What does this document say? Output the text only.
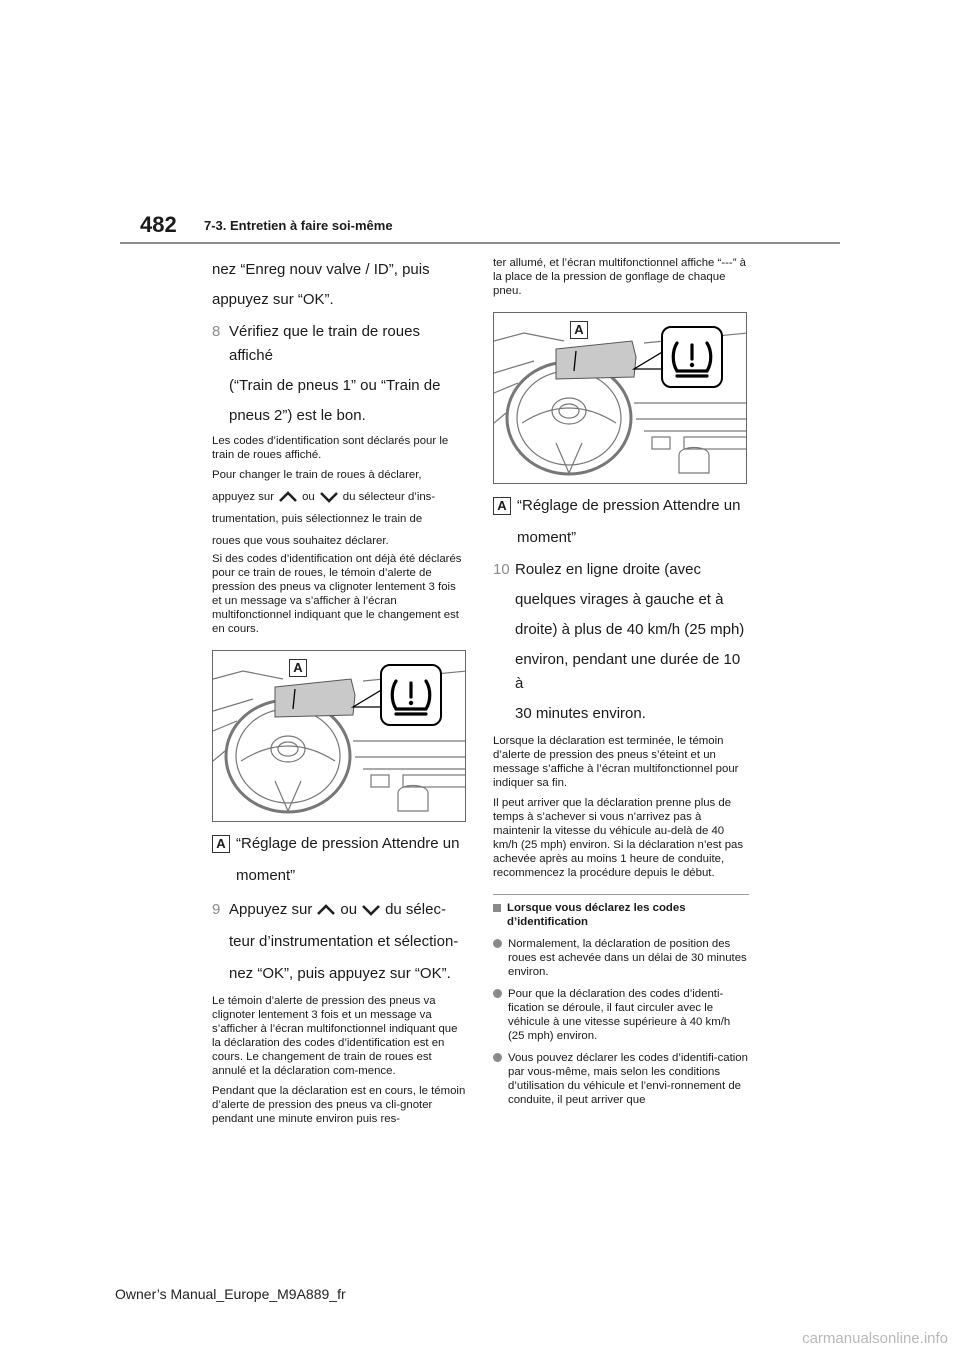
482 7-3. Entretien à faire soi-même

nez “Enreg nouv valve / ID”, puis

appuyez sur “OK”.

8 Vérifiez que le train de roues affiché

(“Train de pneus 1” ou “Train de

pneus 2”) est le bon.

Les codes d’identification sont déclarés pour le train de roues affiché.

Pour changer le train de roues à déclarer,

appuyez sur ou du sélecteur d’ins-

trumentation, puis sélectionnez le train de

roues que vous souhaitez déclarer.

Si des codes d’identification ont déjà été déclarés pour ce train de roues, le témoin d’alerte de pression des pneus va clignoter lentement 3 fois et un message va s’afficher à l’écran multifonctionnel indiquant que le changement est en cours.

A
A “Réglage de pression Attendre un

moment”

9 Appuyez sur ou du sélec-

teur d’instrumentation et sélection-

nez “OK”, puis appuyez sur “OK”.

Le témoin d’alerte de pression des pneus va clignoter lentement 3 fois et un message va s’afficher à l’écran multifonctionnel indiquant que la déclaration des codes d’identification est en cours. Le changement de train de roues est annulé et la déclaration com-mence.

Pendant que la déclaration est en cours, le témoin d’alerte de pression des pneus va cli-gnoter pendant une minute environ puis res-

ter allumé, et l’écran multifonctionnel affiche “---” à la place de la pression de gonflage de chaque pneu.

A
A “Réglage de pression Attendre un

moment”

10 Roulez en ligne droite (avec

quelques virages à gauche et à

droite) à plus de 40 km/h (25 mph)

environ, pendant une durée de 10 à

30 minutes environ.

Lorsque la déclaration est terminée, le témoin d’alerte de pression des pneus s’éteint et un message s’affiche à l’écran multifonctionnel pour indiquer sa fin.

Il peut arriver que la déclaration prenne plus de temps à s’achever si vous n’arrivez pas à maintenir la vitesse du véhicule au-delà de 40 km/h (25 mph) environ. Si la déclaration n’est pas achevée après au moins 1 heure de conduite, recommencez la procédure depuis le début.

Lorsque vous déclarez les codes d’identification
Normalement, la déclaration de position des roues est achevée dans un délai de 30 minutes environ.
Pour que la déclaration des codes d’identi-fication se déroule, il faut circuler avec le véhicule à une vitesse supérieure à 40 km/h (25 mph) environ.
Vous pouvez déclarer les codes d’identifi-cation par vous-même, mais selon les conditions d’utilisation du véhicule et l’envi-ronnement de conduite, il peut arriver que
Owner’s Manual_Europe_M9A889_fr
carmanualsonline.info
